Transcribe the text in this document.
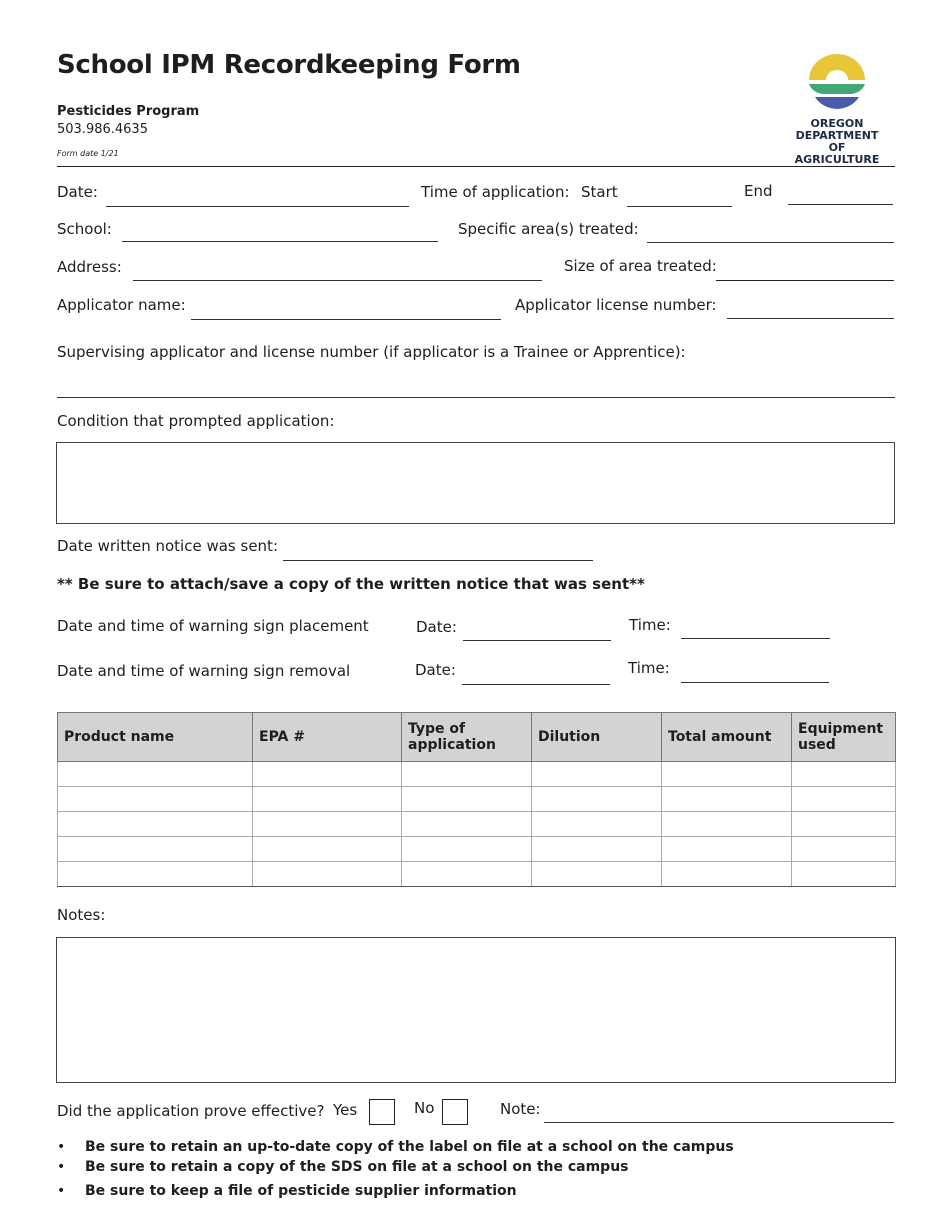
School IPM Recordkeeping Form
Pesticides Program
503.986.4635
Form date 1/21
OREGON DEPARTMENT OF AGRICULTURE
Date:	Time of application: Start	End
School:	Specific area(s) treated:
Address:	Size of area treated:
Applicator name:	Applicator license number:
Supervising applicator and license number (if applicator is a Trainee or Apprentice):
Condition that prompted application:
Date written notice was sent:
** Be sure to attach/save a copy of the written notice that was sent**
Date and time of warning sign placement	Date:	Time:
Date and time of warning sign removal	Date:	Time:
Product name	EPA #	Type of application	Dilution	Total amount	Equipment used

Notes:
Did the application prove effective? Yes	No	Note:
• Be sure to retain an up-to-date copy of the label on file at a school on the campus
• Be sure to retain a copy of the SDS on file at a school on the campus
• Be sure to keep a file of pesticide supplier information
